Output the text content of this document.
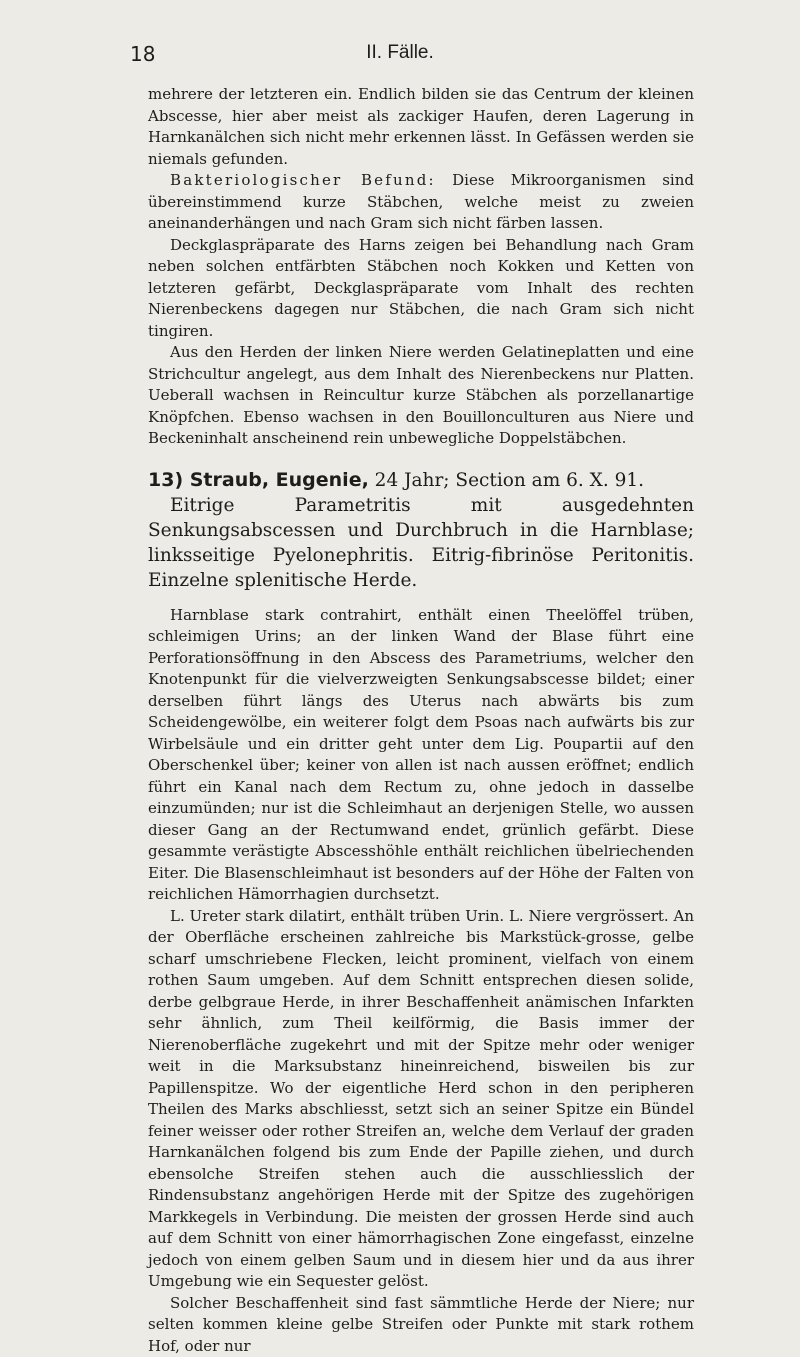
18	II. Fälle.

mehrere der letzteren ein. Endlich bilden sie das Centrum der kleinen Abscesse, hier aber meist als zackiger Haufen, deren Lagerung in Harnkanälchen sich nicht mehr erkennen lässt. In Gefässen werden sie niemals gefunden.

Bakteriologischer Befund: Diese Mikroorganismen sind übereinstimmend kurze Stäbchen, welche meist zu zweien aneinanderhängen und nach Gram sich nicht färben lassen.

Deckglaspräparate des Harns zeigen bei Behandlung nach Gram neben solchen entfärbten Stäbchen noch Kokken und Ketten von letzteren gefärbt, Deckglaspräparate vom Inhalt des rechten Nierenbeckens dagegen nur Stäbchen, die nach Gram sich nicht tingiren.

Aus den Herden der linken Niere werden Gelatineplatten und eine Strichcultur angelegt, aus dem Inhalt des Nierenbeckens nur Platten. Ueberall wachsen in Reincultur kurze Stäbchen als porzellanartige Knöpfchen. Ebenso wachsen in den Bouillonculturen aus Niere und Beckeninhalt anscheinend rein unbewegliche Doppelstäbchen.

13) Straub, Eugenie, 24 Jahr; Section am 6. X. 91.

Eitrige Parametritis mit ausgedehnten Senkungsabscessen und Durchbruch in die Harnblase; linksseitige Pyelonephritis. Eitrig-fibrinöse Peritonitis. Einzelne splenitische Herde.

Harnblase stark contrahirt, enthält einen Theelöffel trüben, schleimigen Urins; an der linken Wand der Blase führt eine Perforationsöffnung in den Abscess des Parametriums, welcher den Knotenpunkt für die vielverzweigten Senkungsabscesse bildet; einer derselben führt längs des Uterus nach abwärts bis zum Scheidengewölbe, ein weiterer folgt dem Psoas nach aufwärts bis zur Wirbelsäule und ein dritter geht unter dem Lig. Poupartii auf den Oberschenkel über; keiner von allen ist nach aussen eröffnet; endlich führt ein Kanal nach dem Rectum zu, ohne jedoch in dasselbe einzumünden; nur ist die Schleimhaut an derjenigen Stelle, wo aussen dieser Gang an der Rectumwand endet, grünlich gefärbt. Diese gesammte verästigte Abscesshöhle enthält reichlichen übelriechenden Eiter. Die Blasenschleimhaut ist besonders auf der Höhe der Falten von reichlichen Hämorrhagien durchsetzt.

L. Ureter stark dilatirt, enthält trüben Urin. L. Niere vergrössert. An der Oberfläche erscheinen zahlreiche bis Markstück-grosse, gelbe scharf umschriebene Flecken, leicht prominent, vielfach von einem rothen Saum umgeben. Auf dem Schnitt entsprechen diesen solide, derbe gelbgraue Herde, in ihrer Beschaffenheit anämischen Infarkten sehr ähnlich, zum Theil keilförmig, die Basis immer der Nierenoberfläche zugekehrt und mit der Spitze mehr oder weniger weit in die Marksubstanz hineinreichend, bisweilen bis zur Papillenspitze. Wo der eigentliche Herd schon in den peripheren Theilen des Marks abschliesst, setzt sich an seiner Spitze ein Bündel feiner weisser oder rother Streifen an, welche dem Verlauf der graden Harnkanälchen folgend bis zum Ende der Papille ziehen, und durch ebensolche Streifen stehen auch die ausschliesslich der Rindensubstanz angehörigen Herde mit der Spitze des zugehörigen Markkegels in Verbindung. Die meisten der grossen Herde sind auch auf dem Schnitt von einer hämorrhagischen Zone eingefasst, einzelne jedoch von einem gelben Saum und in diesem hier und da aus ihrer Umgebung wie ein Sequester gelöst.

Solcher Beschaffenheit sind fast sämmtliche Herde der Niere; nur selten kommen kleine gelbe Streifen oder Punkte mit stark rothem Hof, oder nur
